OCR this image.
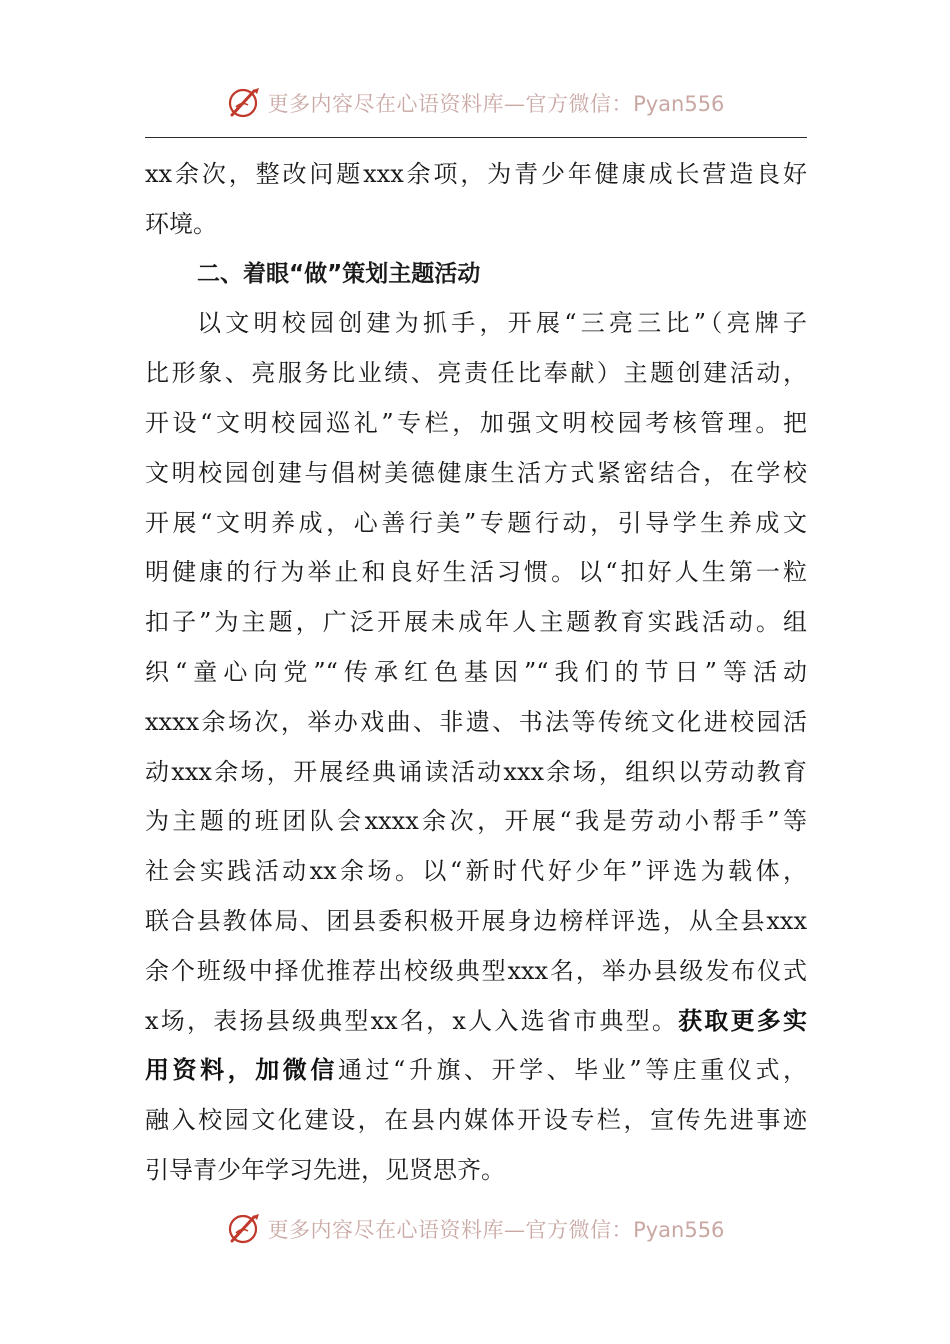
更多内容尽在心语资料库—官方微信：Pyan556
xx余次，整改问题xxx余项，为青少年健康成长营造良好
环境。
二、着眼“做”策划主题活动
以文明校园创建为抓手，开展“三亮三比”（亮牌子
比形象、亮服务比业绩、亮责任比奉献）主题创建活动，
开设“文明校园巡礼”专栏，加强文明校园考核管理。把
文明校园创建与倡树美德健康生活方式紧密结合，在学校
开展“文明养成，心善行美”专题行动，引导学生养成文
明健康的行为举止和良好生活习惯。以“扣好人生第一粒
扣子”为主题，广泛开展未成年人主题教育实践活动。组
织“童心向党”“传承红色基因”“我们的节日”等活动
xxxx余场次，举办戏曲、非遗、书法等传统文化进校园活
动xxx余场，开展经典诵读活动xxx余场，组织以劳动教育
为主题的班团队会xxxx余次，开展“我是劳动小帮手”等
社会实践活动xx余场。以“新时代好少年”评选为载体，
联合县教体局、团县委积极开展身边榜样评选，从全县xxx
余个班级中择优推荐出校级典型xxx名，举办县级发布仪式
x场，表扬县级典型xx名，x人入选省市典型。获取更多实
用资料，加微信通过“升旗、开学、毕业”等庄重仪式，
融入校园文化建设，在县内媒体开设专栏，宣传先进事迹
引导青少年学习先进，见贤思齐。
更多内容尽在心语资料库—官方微信：Pyan556
